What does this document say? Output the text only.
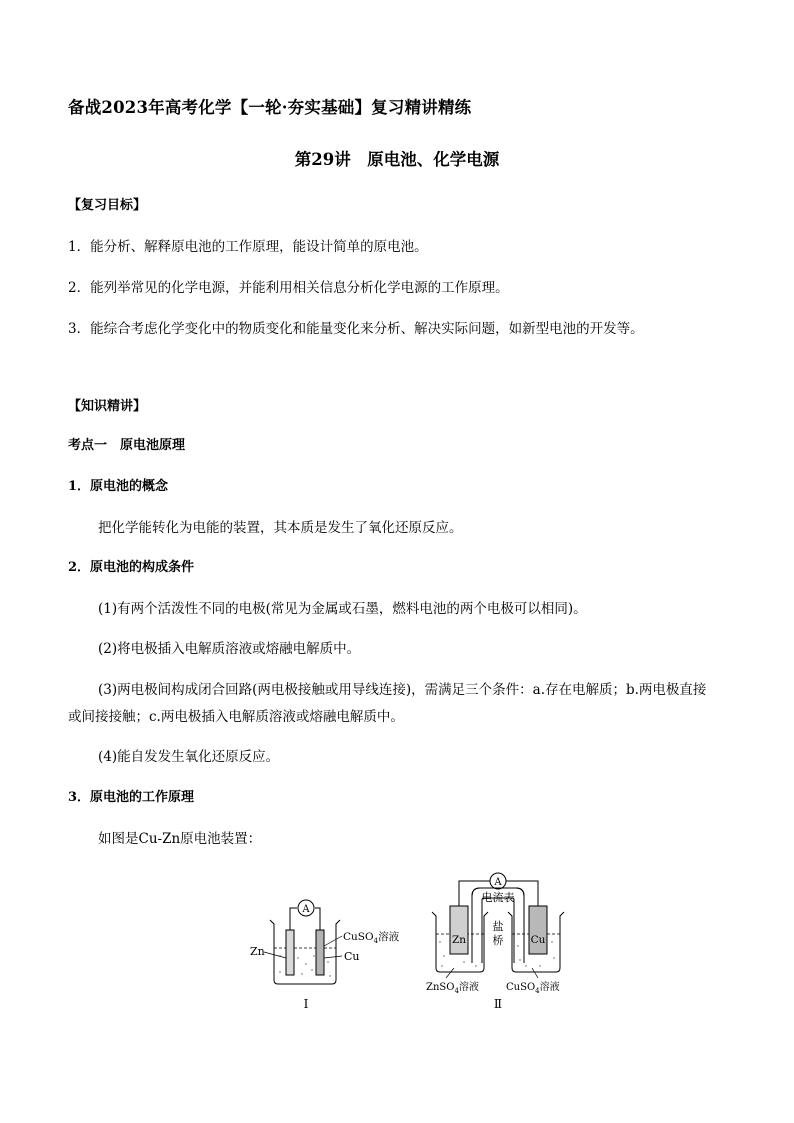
备战2023年高考化学【一轮·夯实基础】复习精讲精练
第29讲　原电池、化学电源
【复习目标】
1．能分析、解释原电池的工作原理，能设计简单的原电池。
2．能列举常见的化学电源，并能利用相关信息分析化学电源的工作原理。
3．能综合考虑化学变化中的物质变化和能量变化来分析、解决实际问题，如新型电池的开发等。
【知识精讲】
考点一　原电池原理
1．原电池的概念
把化学能转化为电能的装置，其本质是发生了氧化还原反应。
2．原电池的构成条件
(1)有两个活泼性不同的电极(常见为金属或石墨，燃料电池的两个电极可以相同)。
(2)将电极插入电解质溶液或熔融电解质中。
(3)两电极间构成闭合回路(两电极接触或用导线连接)，需满足三个条件：a.存在电解质；b.两电极直接
或间接接触；c.两电极插入电解质溶液或熔融电解质中。
(4)能自发发生氧化还原反应。
3．原电池的工作原理
如图是Cu-Zn原电池装置：
A
Zn
CuSO$_4$溶液
Cu
Ⅰ
A
电流表
盐
桥
Zn	Cu
ZnSO$_4$溶液	CuSO$_4$溶液
Ⅱ
